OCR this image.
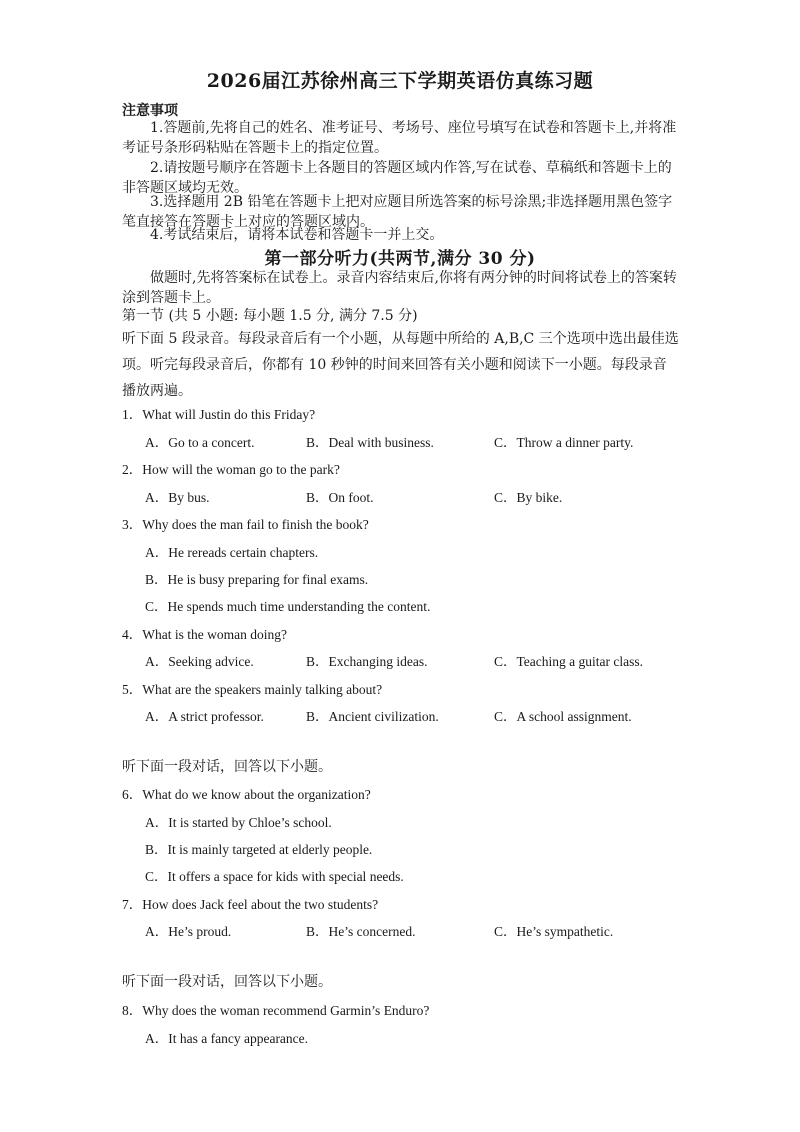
2026届江苏徐州高三下学期英语仿真练习题
注意事项
1.答题前,先将自己的姓名、准考证号、考场号、座位号填写在试卷和答题卡上,并将准考证号条形码粘贴在答题卡上的指定位置。
2.请按题号顺序在答题卡上各题目的答题区域内作答,写在试卷、草稿纸和答题卡上的非答题区域均无效。
3.选择题用 2B 铅笔在答题卡上把对应题目所选答案的标号涂黑;非选择题用黑色签字笔直接答在答题卡上对应的答题区域内。
4.考试结束后，请将本试卷和答题卡一并上交。
第一部分听力(共两节,满分 30 分)
做题时,先将答案标在试卷上。录音内容结束后,你将有两分钟的时间将试卷上的答案转涂到答题卡上。
第一节 (共 5 小题: 每小题 1.5 分, 满分 7.5 分)
听下面 5 段录音。每段录音后有一个小题，从每题中所给的 A,B,C 三个选项中选出最佳选项。听完每段录音后，你都有 10 秒钟的时间来回答有关小题和阅读下一小题。每段录音播放两遍。
1．What will Justin do this Friday?
A．Go to a concert.	B．Deal with business.	C．Throw a dinner party.
2．How will the woman go to the park?
A．By bus.	B．On foot.	C．By bike.
3．Why does the man fail to finish the book?
A．He rereads certain chapters.
B．He is busy preparing for final exams.
C．He spends much time understanding the content.
4．What is the woman doing?
A．Seeking advice.	B．Exchanging ideas.	C．Teaching a guitar class.
5．What are the speakers mainly talking about?
A．A strict professor.	B．Ancient civilization.	C．A school assignment.
听下面一段对话，回答以下小题。
6．What do we know about the organization?
A．It is started by Chloe’s school.
B．It is mainly targeted at elderly people.
C．It offers a space for kids with special needs.
7．How does Jack feel about the two students?
A．He’s proud.	B．He’s concerned.	C．He’s sympathetic.
听下面一段对话，回答以下小题。
8．Why does the woman recommend Garmin’s Enduro?
A．It has a fancy appearance.
